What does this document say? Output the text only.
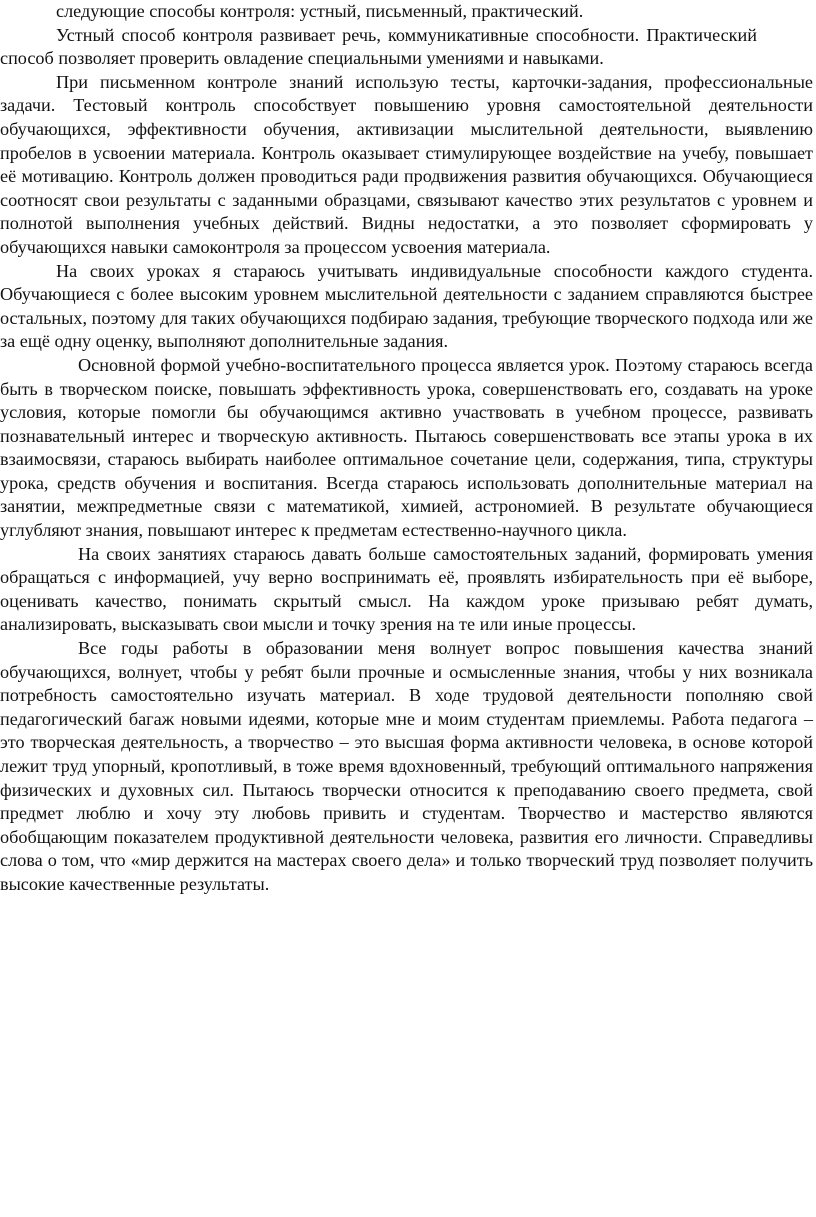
следующие способы контроля: устный, письменный, практический.

Устный способ контроля развивает речь, коммуникативные способности. Практический способ позволяет проверить овладение специальными умениями и навыками.

При письменном контроле знаний использую тесты, карточки-задания, профессиональные задачи. Тестовый контроль способствует повышению уровня самостоятельной деятельности обучающихся, эффективности обучения, активизации мыслительной деятельности, выявлению пробелов в усвоении материала. Контроль оказывает стимулирующее воздействие на учебу, повышает её мотивацию. Контроль должен проводиться ради продвижения развития обучающихся. Обучающиеся соотносят свои результаты с заданными образцами, связывают качество этих результатов с уровнем и полнотой выполнения учебных действий. Видны недостатки, а это позволяет сформировать у обучающихся навыки самоконтроля за процессом усвоения материала.

На своих уроках я стараюсь учитывать индивидуальные способности каждого студента. Обучающиеся с более высоким уровнем мыслительной деятельности с заданием справляются быстрее остальных, поэтому для таких обучающихся подбираю задания, требующие творческого подхода или же за ещё одну оценку, выполняют дополнительные задания.

Основной формой учебно-воспитательного процесса является урок. Поэтому стараюсь всегда быть в творческом поиске, повышать эффективность урока, совершенствовать его, создавать на уроке условия, которые помогли бы обучающимся активно участвовать в учебном процессе, развивать познавательный интерес и творческую активность. Пытаюсь совершенствовать все этапы урока в их взаимосвязи, стараюсь выбирать наиболее оптимальное сочетание цели, содержания, типа, структуры урока, средств обучения и воспитания. Всегда стараюсь использовать дополнительные материал на занятии, межпредметные связи с математикой, химией, астрономией. В результате обучающиеся углубляют знания, повышают интерес к предметам естественно-научного цикла.

На своих занятиях стараюсь давать больше самостоятельных заданий, формировать умения обращаться с информацией, учу верно воспринимать её, проявлять избирательность при её выборе, оценивать качество, понимать скрытый смысл. На каждом уроке призываю ребят думать, анализировать, высказывать свои мысли и точку зрения на те или иные процессы.

Все годы работы в образовании меня волнует вопрос повышения качества знаний обучающихся, волнует, чтобы у ребят были прочные и осмысленные знания, чтобы у них возникала потребность самостоятельно изучать материал. В ходе трудовой деятельности пополняю свой педагогический багаж новыми идеями, которые мне и моим студентам приемлемы. Работа педагога – это творческая деятельность, а творчество – это высшая форма активности человека, в основе которой лежит труд упорный, кропотливый, в тоже время вдохновенный, требующий оптимального напряжения физических и духовных сил. Пытаюсь творчески относится к преподаванию своего предмета, свой предмет люблю и хочу эту любовь привить и студентам. Творчество и мастерство являются обобщающим показателем продуктивной деятельности человека, развития его личности. Справедливы слова о том, что «мир держится на мастерах своего дела» и только творческий труд позволяет получить высокие качественные результаты.
